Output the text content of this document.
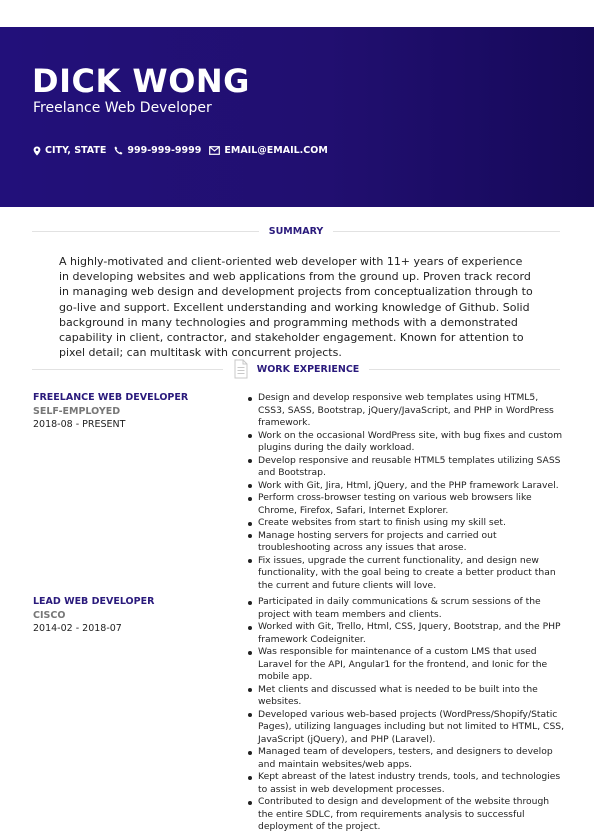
DICK WONG
Freelance Web Developer
CITY, STATE 999-999-9999 EMAIL@EMAIL.COM
SUMMARY

A highly-motivated and client-oriented web developer with 11+ years of experience in developing websites and web applications from the ground up. Proven track record in managing web design and development projects from conceptualization through to go-live and support. Excellent understanding and working knowledge of Github. Solid background in many technologies and programming methods with a demonstrated capability in client, contractor, and stakeholder engagement. Known for attention to pixel detail; can multitask with concurrent projects.

WORK EXPERIENCE
FREELANCE WEB DEVELOPER
SELF-EMPLOYED
2018-08 - PRESENT
Design and develop responsive web templates using HTML5, CSS3, SASS, Bootstrap, jQuery/JavaScript, and PHP in WordPress framework.
Work on the occasional WordPress site, with bug fixes and custom plugins during the daily workload.
Develop responsive and reusable HTML5 templates utilizing SASS and Bootstrap.
Work with Git, Jira, Html, jQuery, and the PHP framework Laravel.
Perform cross-browser testing on various web browsers like Chrome, Firefox, Safari, Internet Explorer.
Create websites from start to finish using my skill set.
Manage hosting servers for projects and carried out troubleshooting across any issues that arose.
Fix issues, upgrade the current functionality, and design new functionality, with the goal being to create a better product than the current and future clients will love.
LEAD WEB DEVELOPER
CISCO
2014-02 - 2018-07
Participated in daily communications & scrum sessions of the project with team members and clients.
Worked with Git, Trello, Html, CSS, Jquery, Bootstrap, and the PHP framework Codeigniter.
Was responsible for maintenance of a custom LMS that used Laravel for the API, Angular1 for the frontend, and Ionic for the mobile app.
Met clients and discussed what is needed to be built into the websites.
Developed various web-based projects (WordPress/Shopify/Static Pages), utilizing languages including but not limited to HTML, CSS, JavaScript (jQuery), and PHP (Laravel).
Managed team of developers, testers, and designers to develop and maintain websites/web apps.
Kept abreast of the latest industry trends, tools, and technologies to assist in web development processes.
Contributed to design and development of the website through the entire SDLC, from requirements analysis to successful deployment of the project.
